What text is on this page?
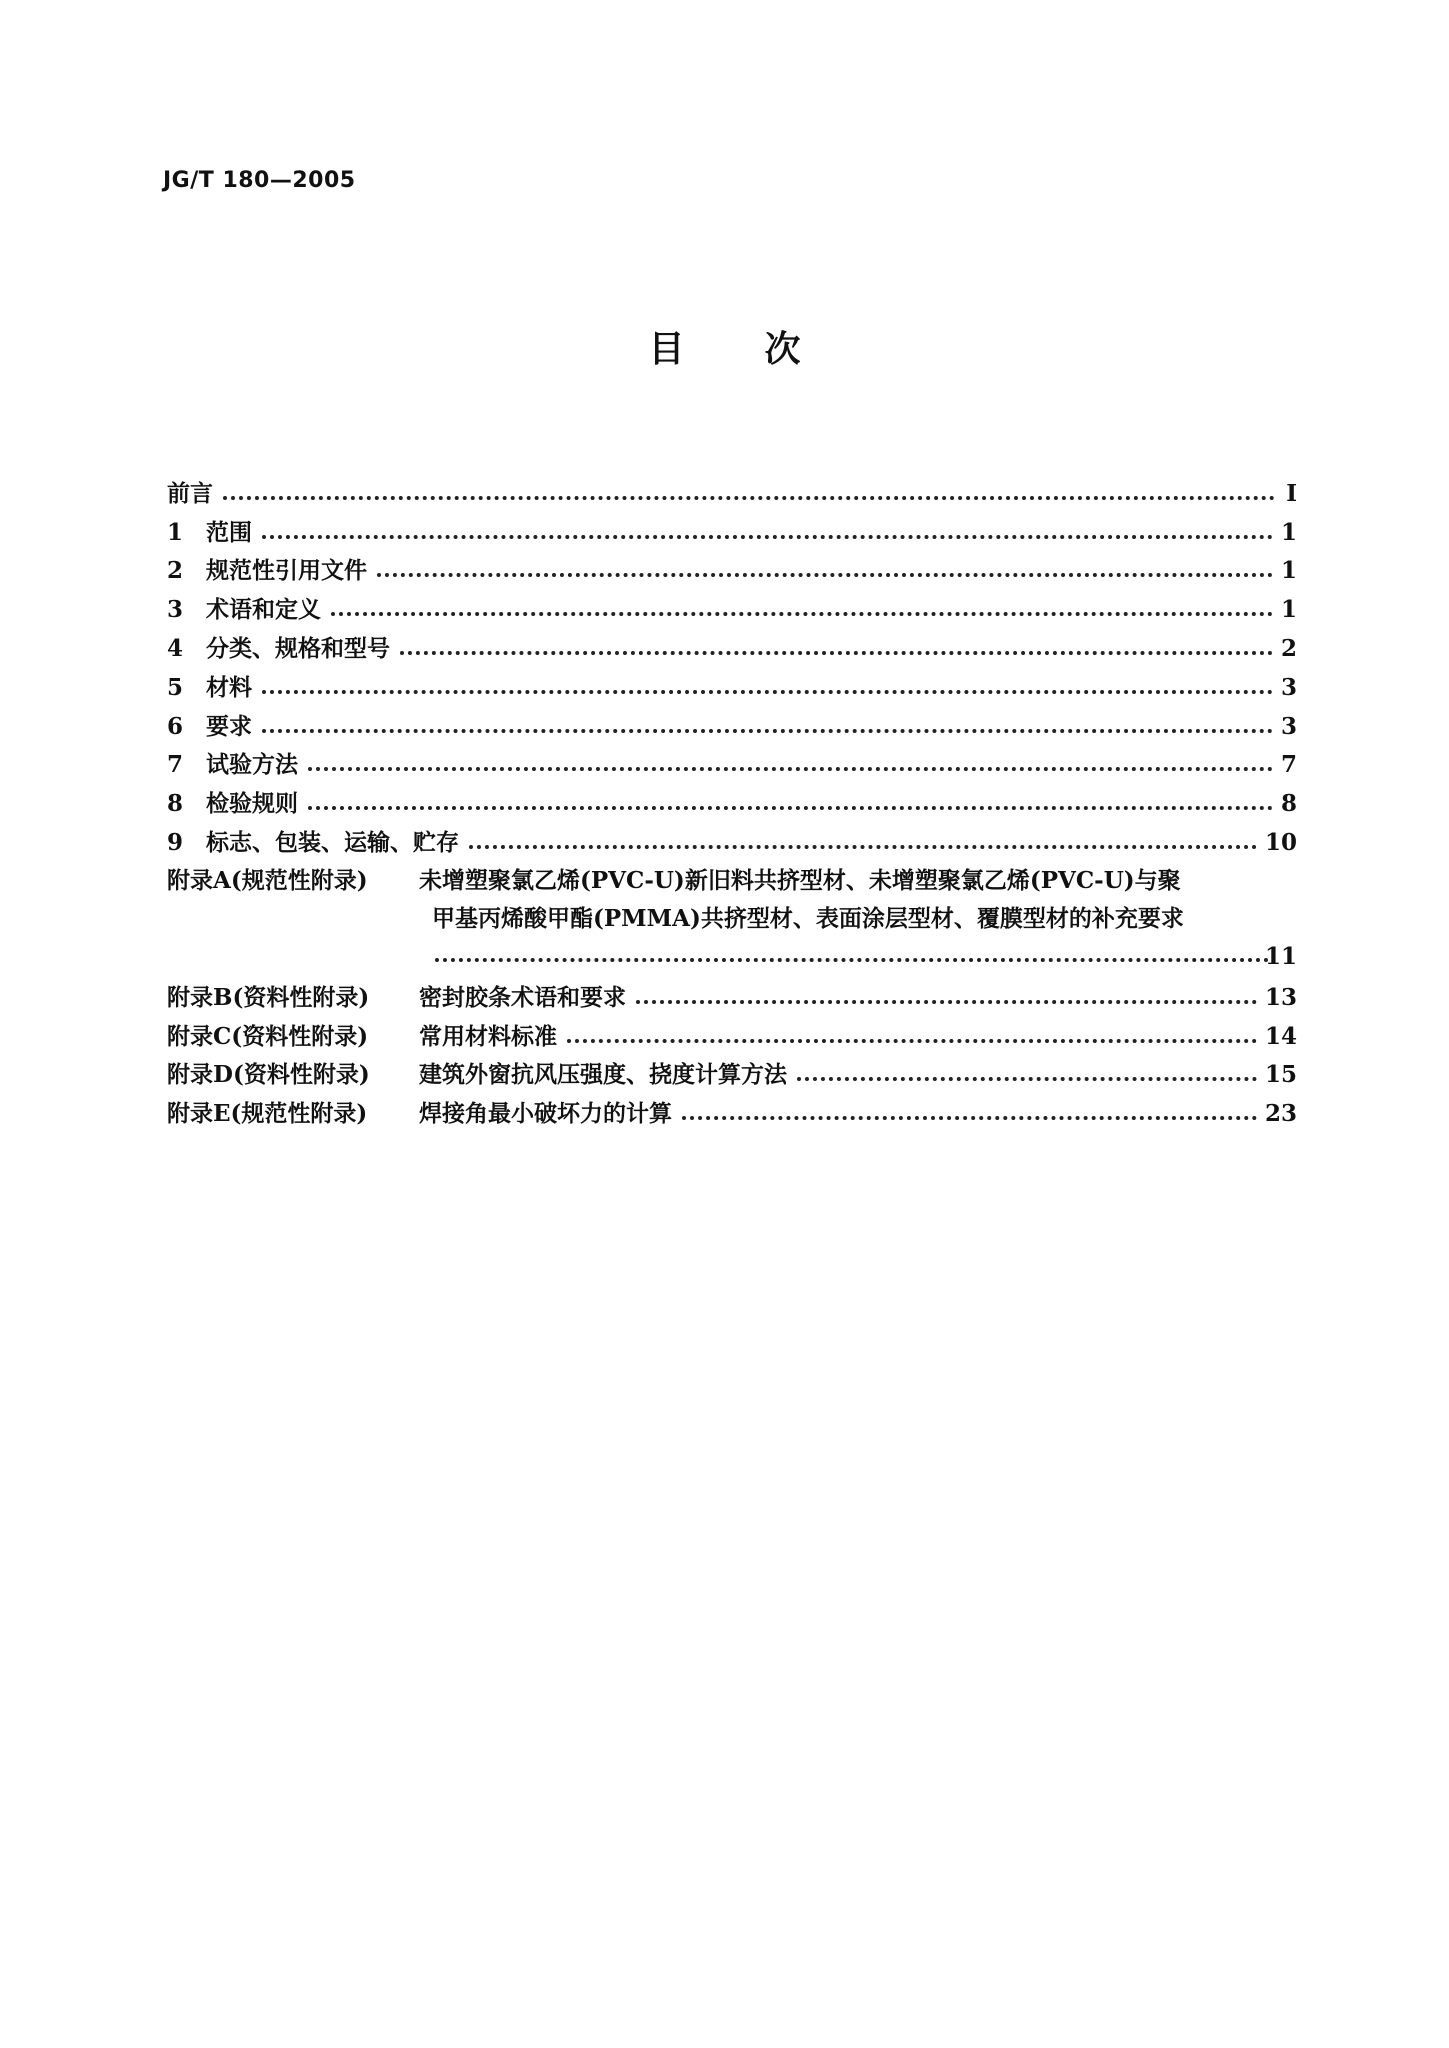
JG/T 180—2005
目 次
前言	I
1 范围	1
2 规范性引用文件	1
3 术语和定义	1
4 分类、规格和型号	2
5 材料	3
6 要求	3
7 试验方法	7
8 检验规则	8
9 标志、包装、运输、贮存	10
附录A(规范性附录) 未增塑聚氯乙烯(PVC-U)新旧料共挤型材、未增塑聚氯乙烯(PVC-U)与聚
甲基丙烯酸甲酯(PMMA)共挤型材、表面涂层型材、覆膜型材的补充要求
11
附录B(资料性附录)	密封胶条术语和要求	13
附录C(资料性附录)	常用材料标准	14
附录D(资料性附录)	建筑外窗抗风压强度、挠度计算方法	15
附录E(规范性附录)	焊接角最小破坏力的计算	23
